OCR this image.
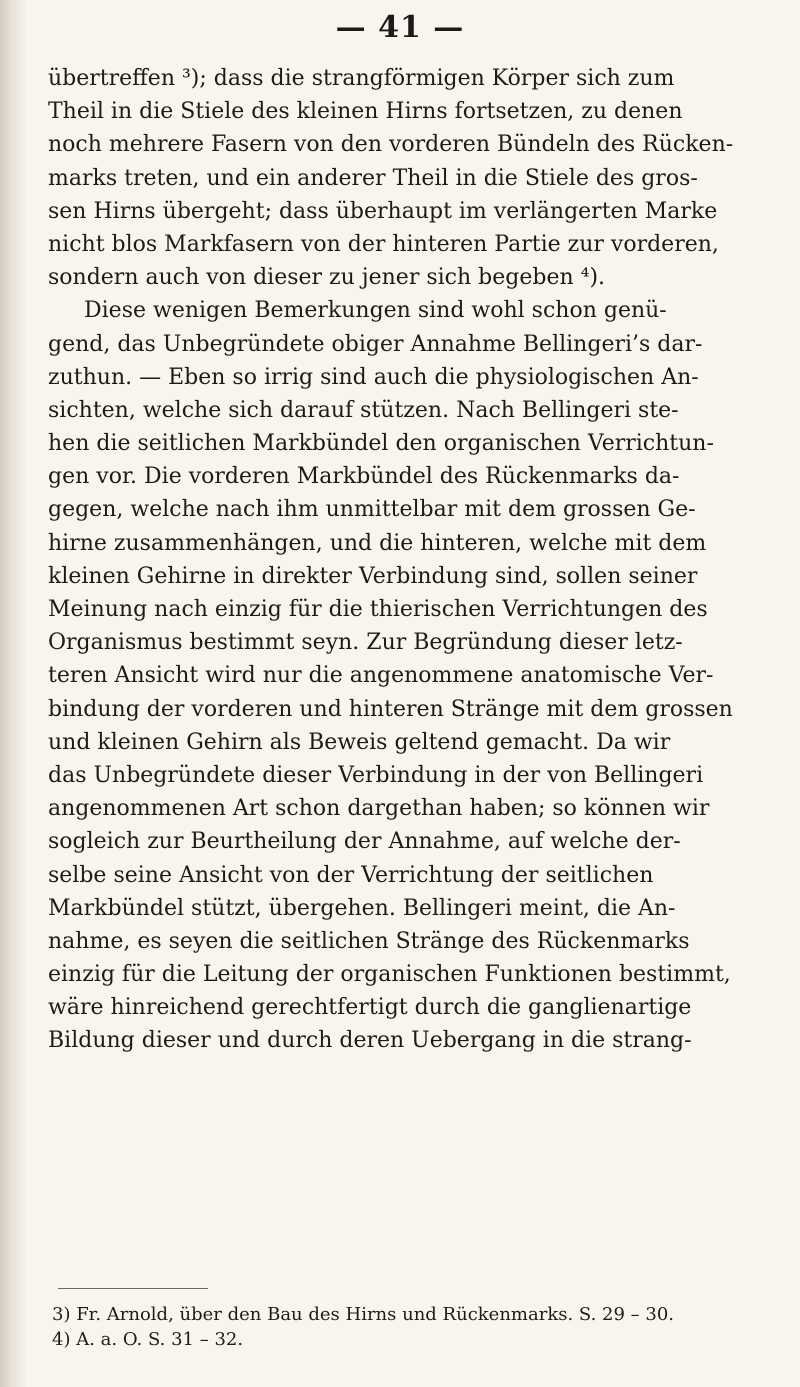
— 41 —
übertreffen ³); dass die strangförmigen Körper sich zum
Theil in die Stiele des kleinen Hirns fortsetzen, zu denen
noch mehrere Fasern von den vorderen Bündeln des Rücken-
marks treten, und ein anderer Theil in die Stiele des gros-
sen Hirns übergeht; dass überhaupt im verlängerten Marke
nicht blos Markfasern von der hinteren Partie zur vorderen,
sondern auch von dieser zu jener sich begeben ⁴).
Diese wenigen Bemerkungen sind wohl schon genü-
gend, das Unbegründete obiger Annahme Bellingeri’s dar-
zuthun. — Eben so irrig sind auch die physiologischen An-
sichten, welche sich darauf stützen. Nach Bellingeri ste-
hen die seitlichen Markbündel den organischen Verrichtun-
gen vor. Die vorderen Markbündel des Rückenmarks da-
gegen, welche nach ihm unmittelbar mit dem grossen Ge-
hirne zusammenhängen, und die hinteren, welche mit dem
kleinen Gehirne in direkter Verbindung sind, sollen seiner
Meinung nach einzig für die thierischen Verrichtungen des
Organismus bestimmt seyn. Zur Begründung dieser letz-
teren Ansicht wird nur die angenommene anatomische Ver-
bindung der vorderen und hinteren Stränge mit dem grossen
und kleinen Gehirn als Beweis geltend gemacht. Da wir
das Unbegründete dieser Verbindung in der von Bellingeri
angenommenen Art schon dargethan haben; so können wir
sogleich zur Beurtheilung der Annahme, auf welche der-
selbe seine Ansicht von der Verrichtung der seitlichen
Markbündel stützt, übergehen. Bellingeri meint, die An-
nahme, es seyen die seitlichen Stränge des Rückenmarks
einzig für die Leitung der organischen Funktionen bestimmt,
wäre hinreichend gerechtfertigt durch die ganglienartige
Bildung dieser und durch deren Uebergang in die strang-
3) Fr. Arnold, über den Bau des Hirns und Rückenmarks. S. 29 – 30.
4) A. a. O. S. 31 – 32.
